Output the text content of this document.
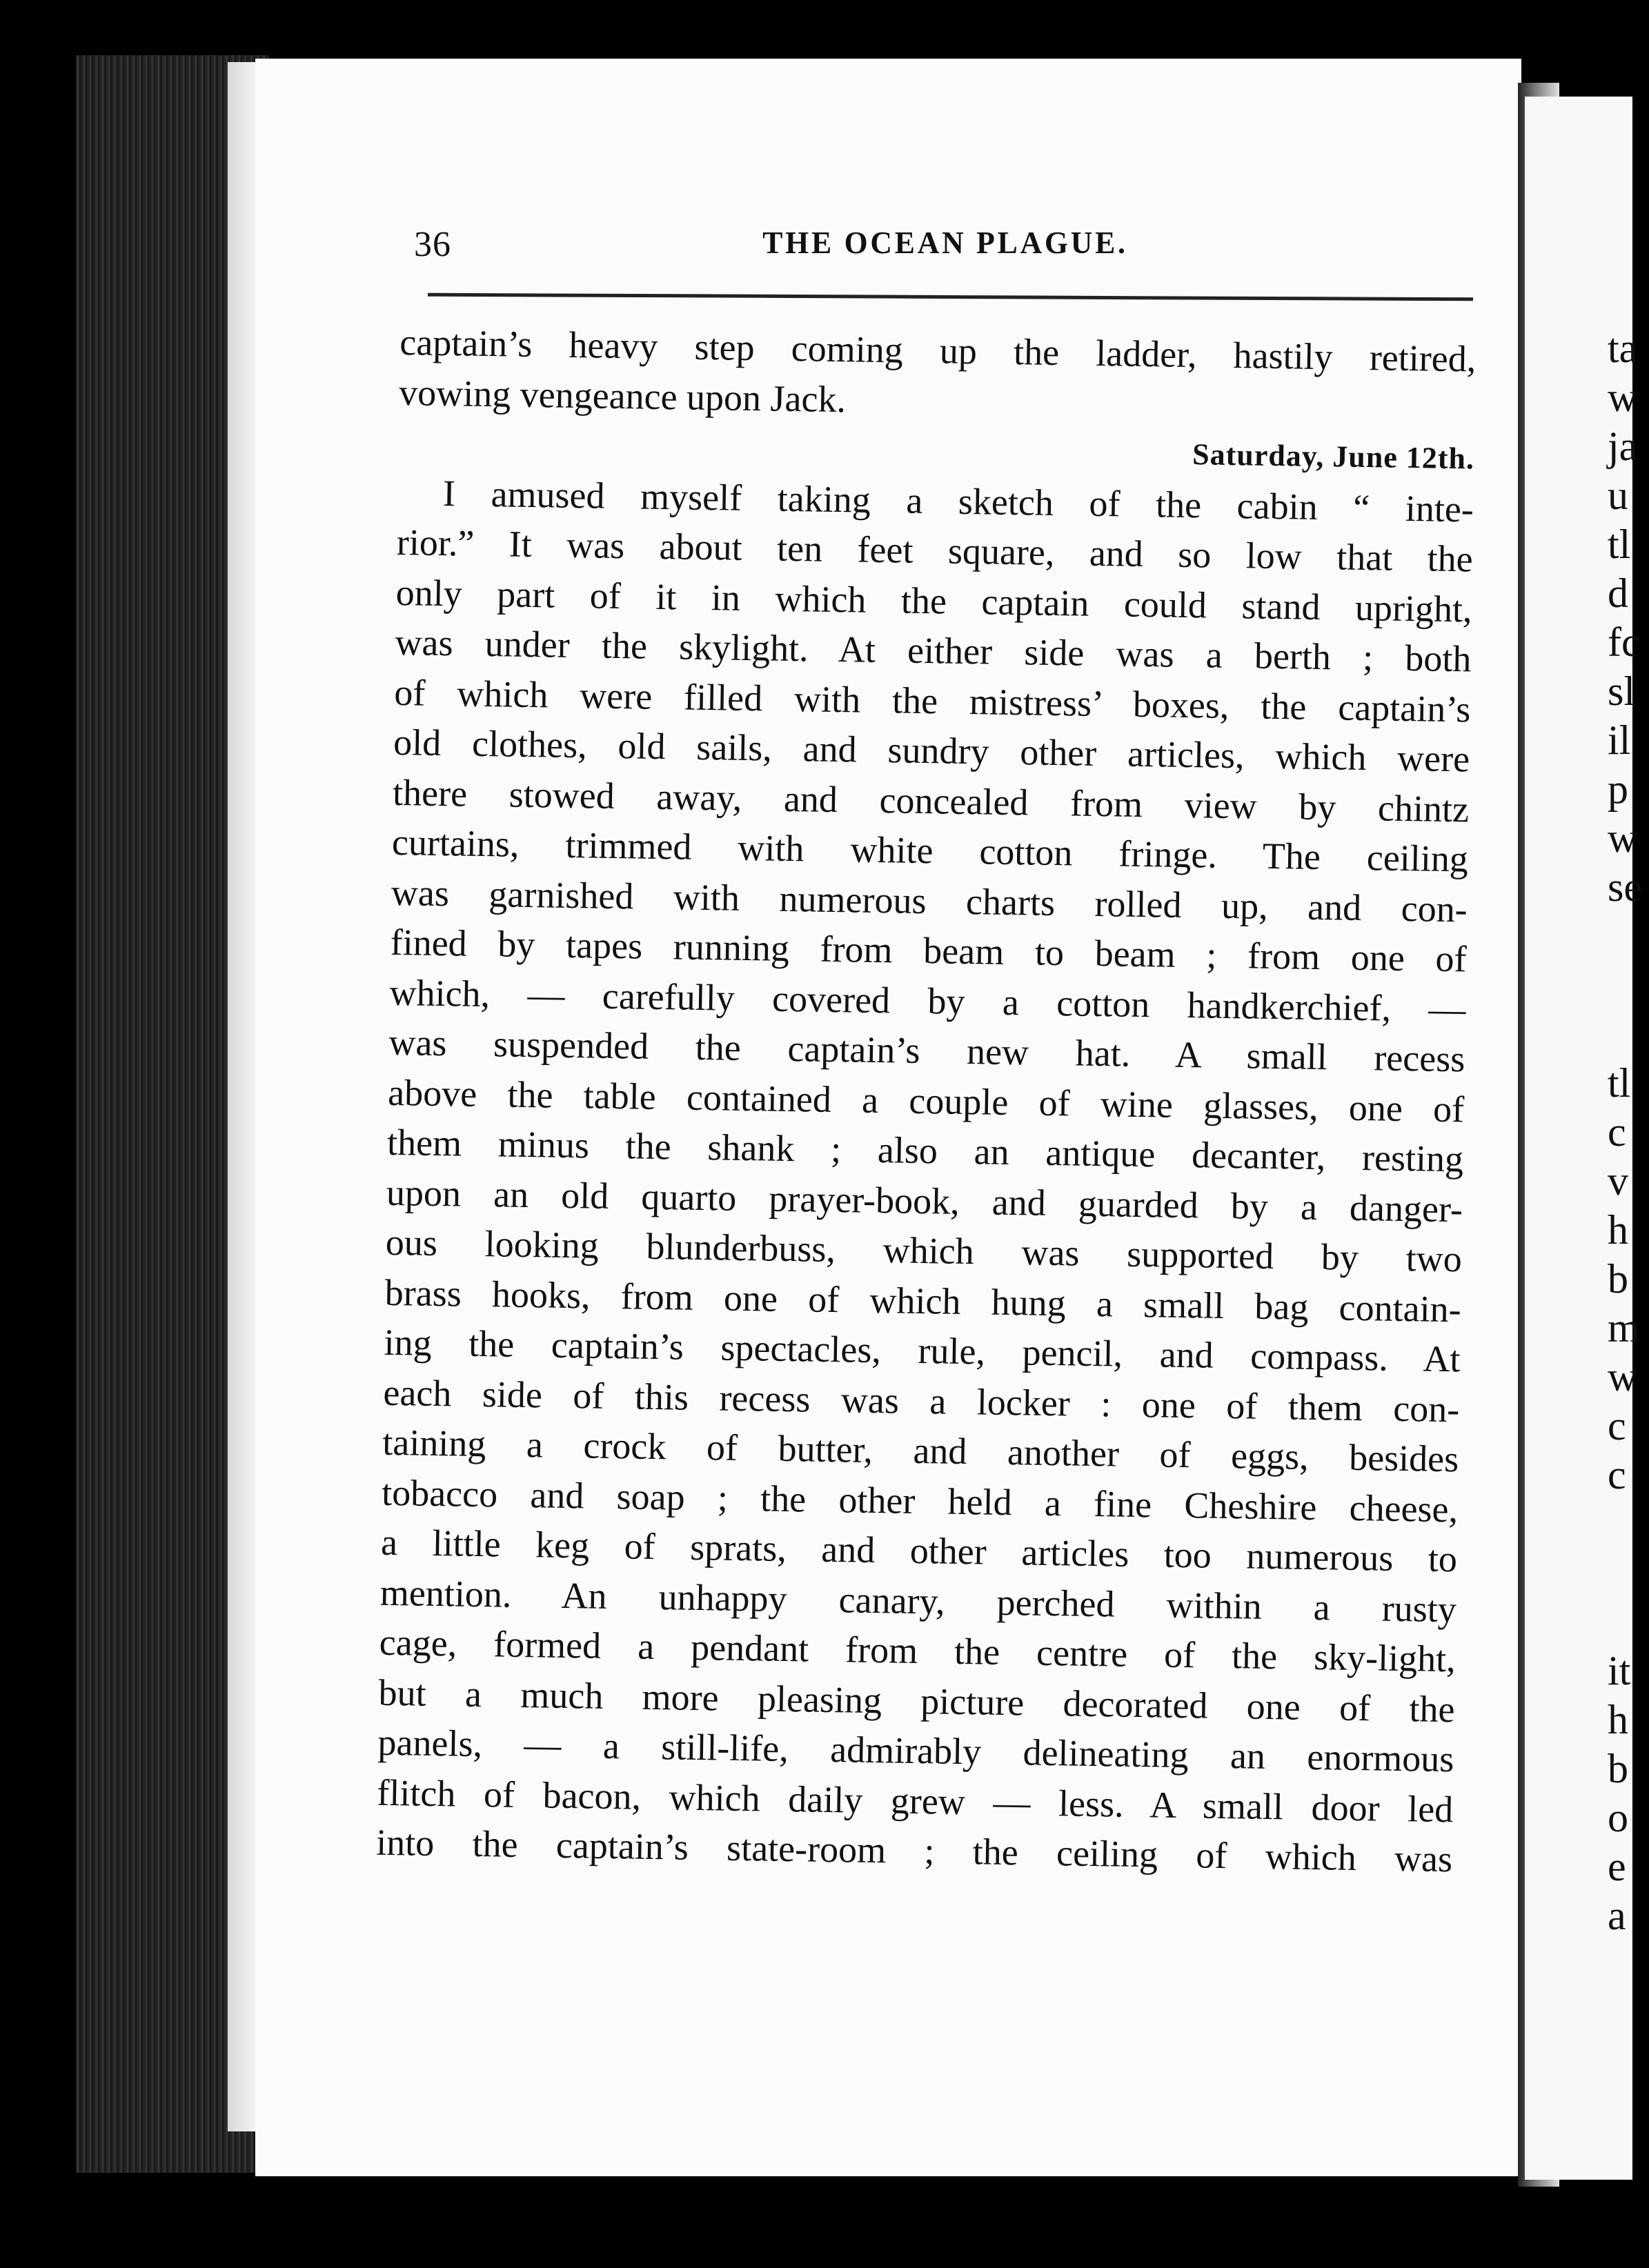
ta
w
ja
u
tl
d
fc
sl
il
p
w
se
tl
c
v
h
b
m
w
c
c
it
h
b
o
e
a
36	THE OCEAN PLAGUE.
captain’s heavy step coming up the ladder, hastily retired,
vowing vengeance upon Jack.
Saturday, June 12th.
I amused myself taking a sketch of the cabin “ inte-
rior.” It was about ten feet square, and so low that the
only part of it in which the captain could stand upright,
was under the skylight. At either side was a berth ; both
of which were filled with the mistress’ boxes, the captain’s
old clothes, old sails, and sundry other articles, which were
there stowed away, and concealed from view by chintz
curtains, trimmed with white cotton fringe. The ceiling
was garnished with numerous charts rolled up, and con-
fined by tapes running from beam to beam ; from one of
which, — carefully covered by a cotton handkerchief, —
was suspended the captain’s new hat. A small recess
above the table contained a couple of wine glasses, one of
them minus the shank ; also an antique decanter, resting
upon an old quarto prayer-book, and guarded by a danger-
ous looking blunderbuss, which was supported by two
brass hooks, from one of which hung a small bag contain-
ing the captain’s spectacles, rule, pencil, and compass. At
each side of this recess was a locker : one of them con-
taining a crock of butter, and another of eggs, besides
tobacco and soap ; the other held a fine Cheshire cheese,
a little keg of sprats, and other articles too numerous to
mention. An unhappy canary, perched within a rusty
cage, formed a pendant from the centre of the sky-light,
but a much more pleasing picture decorated one of the
panels, — a still-life, admirably delineating an enormous
flitch of bacon, which daily grew — less. A small door led
into the captain’s state-room ; the ceiling of which was
